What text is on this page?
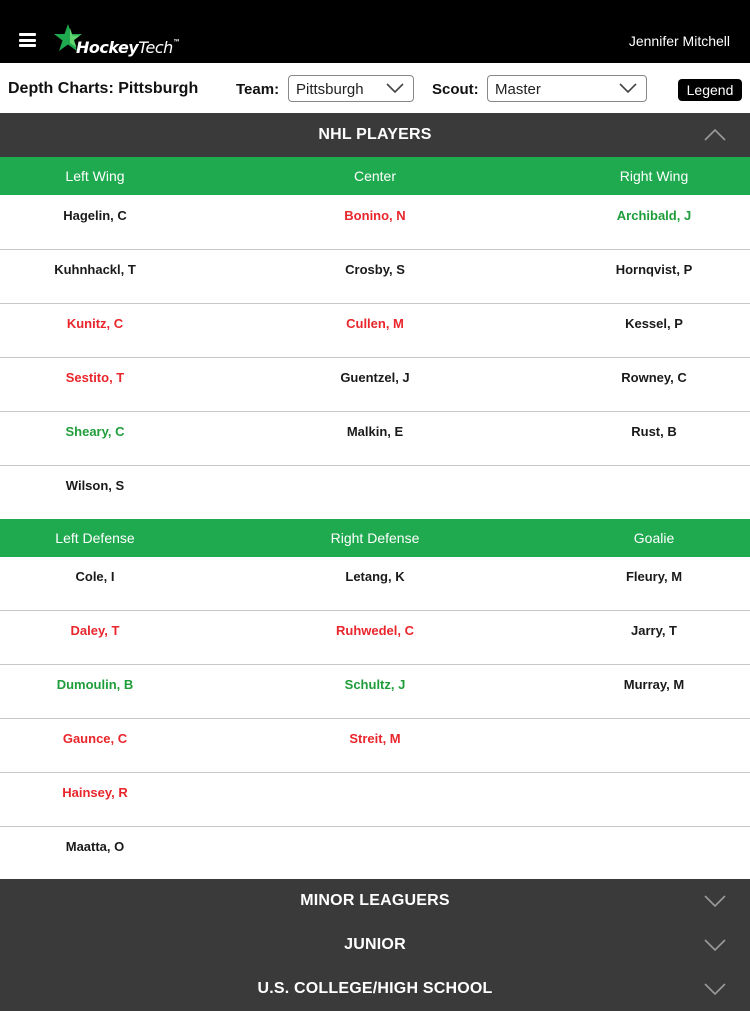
HockeyTech™	Jennifer Mitchell
Depth Charts: Pittsburgh	Team: Pittsburgh	Scout: Master	Legend
NHL PLAYERS
Left Wing	Center	Right Wing
Hagelin, C	Bonino, N	Archibald, J
Kuhnhackl, T	Crosby, S	Hornqvist, P
Kunitz, C	Cullen, M	Kessel, P
Sestito, T	Guentzel, J	Rowney, C
Sheary, C	Malkin, E	Rust, B
Wilson, S
Left Defense	Right Defense	Goalie
Cole, I	Letang, K	Fleury, M
Daley, T	Ruhwedel, C	Jarry, T
Dumoulin, B	Schultz, J	Murray, M
Gaunce, C	Streit, M
Hainsey, R
Maatta, O
MINOR LEAGUERS
JUNIOR
U.S. COLLEGE/HIGH SCHOOL
